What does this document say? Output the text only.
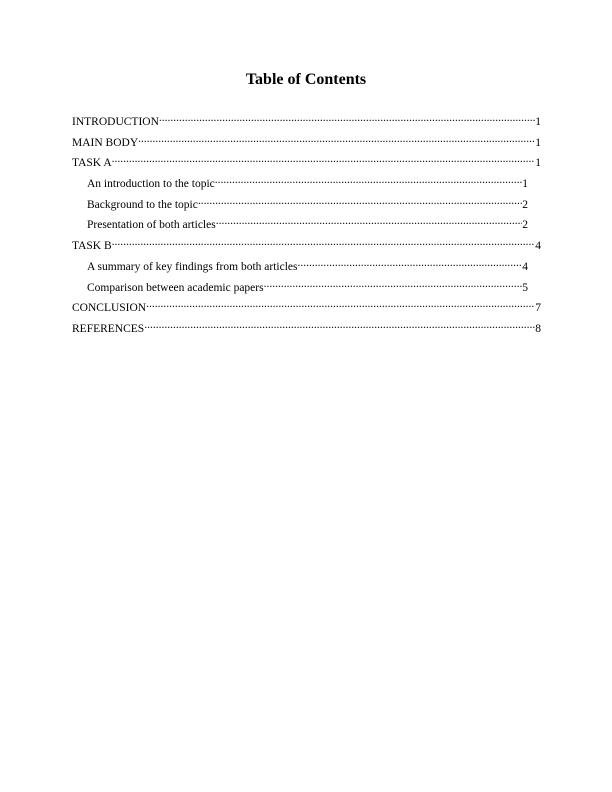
Table of Contents
INTRODUCTION .....	1
MAIN BODY .....	1
TASK A .....	1
An introduction to the topic .....	1
Background to the topic .....	2
Presentation of both articles .....	2
TASK B .....	4
A summary of key findings from both articles .....	4
Comparison between academic papers .....	5
CONCLUSION .....	7
REFERENCES .....	8
